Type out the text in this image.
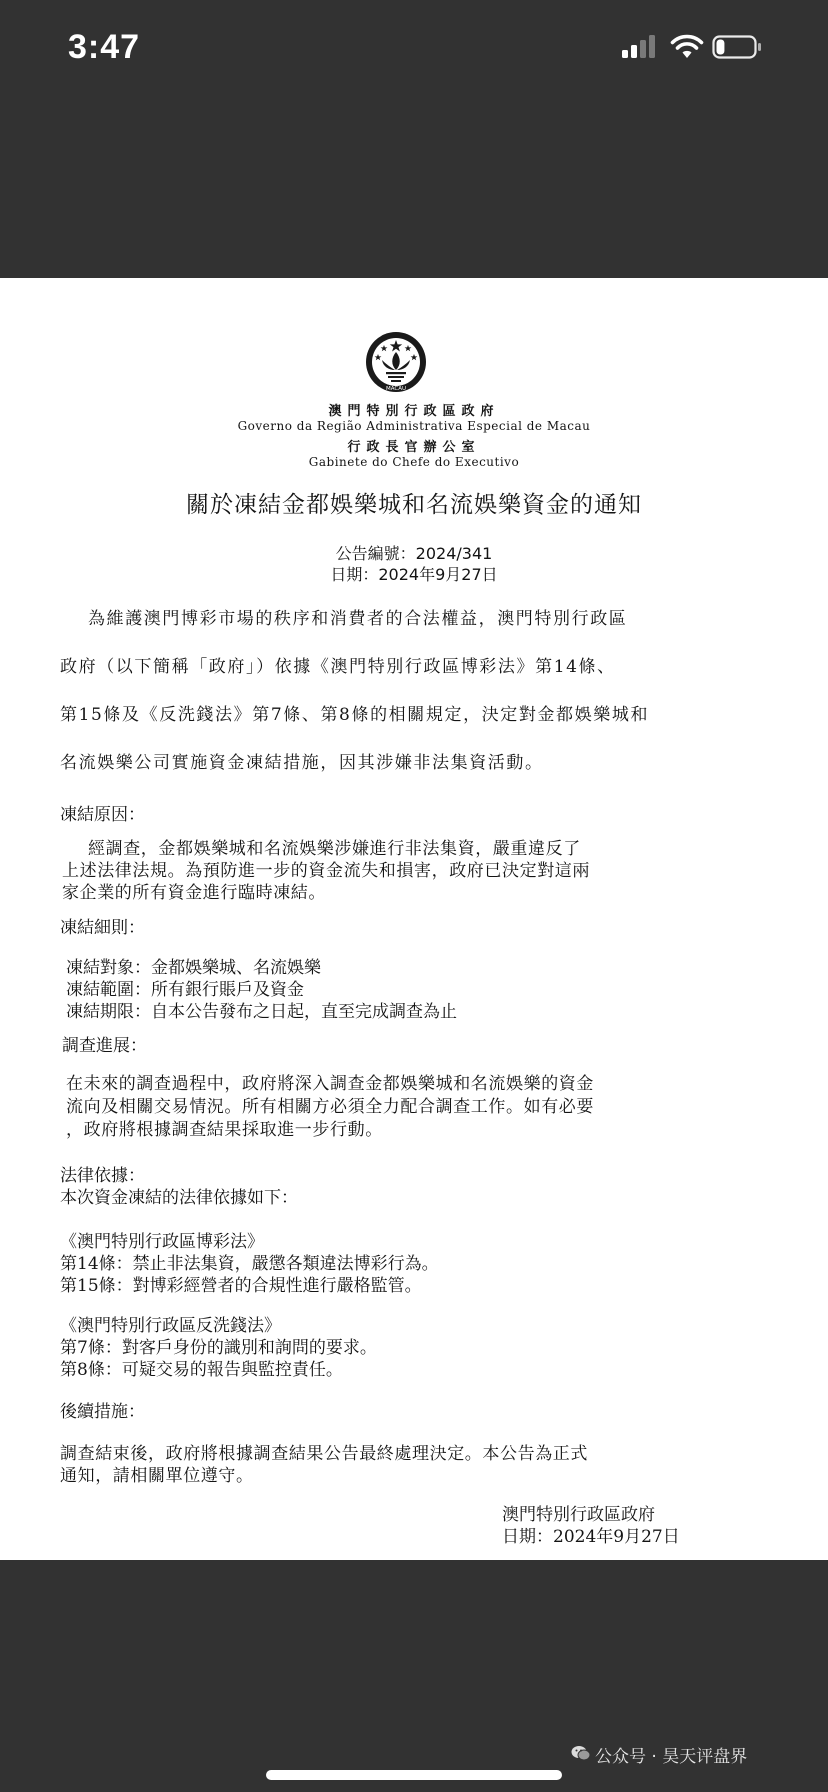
3:47
MACAU
澳門特別行政區政府
Governo da Região Administrativa Especial de Macau
行政長官辦公室
Gabinete do Chefe do Executivo
關於凍結金都娛樂城和名流娛樂資金的通知
公告編號：2024/341
日期：2024年9月27日
為維護澳門博彩市場的秩序和消費者的合法權益，澳門特別行政區
政府（以下簡稱「政府」）依據《澳門特別行政區博彩法》第14條、
第15條及《反洗錢法》第7條、第8條的相關規定，決定對金都娛樂城和
名流娛樂公司實施資金凍結措施，因其涉嫌非法集資活動。
凍結原因：
經調查，金都娛樂城和名流娛樂涉嫌進行非法集資，嚴重違反了
上述法律法規。為預防進一步的資金流失和損害，政府已決定對這兩
家企業的所有資金進行臨時凍結。
凍結細則：
凍結對象：金都娛樂城、名流娛樂
凍結範圍：所有銀行賬戶及資金
凍結期限：自本公告發布之日起，直至完成調查為止
調查進展：
在未來的調查過程中，政府將深入調查金都娛樂城和名流娛樂的資金
流向及相關交易情況。所有相關方必須全力配合調查工作。如有必要
，政府將根據調查結果採取進一步行動。
法律依據：
本次資金凍結的法律依據如下：
《澳門特別行政區博彩法》
第14條：禁止非法集資，嚴懲各類違法博彩行為。
第15條：對博彩經營者的合規性進行嚴格監管。
《澳門特別行政區反洗錢法》
第7條：對客戶身份的識別和詢問的要求。
第8條：可疑交易的報告與監控責任。
後續措施：
調查結束後，政府將根據調查結果公告最終處理決定。本公告為正式
通知，請相關單位遵守。
澳門特別行政區政府
日期：2024年9月27日
公众号 · 昊天评盘界
